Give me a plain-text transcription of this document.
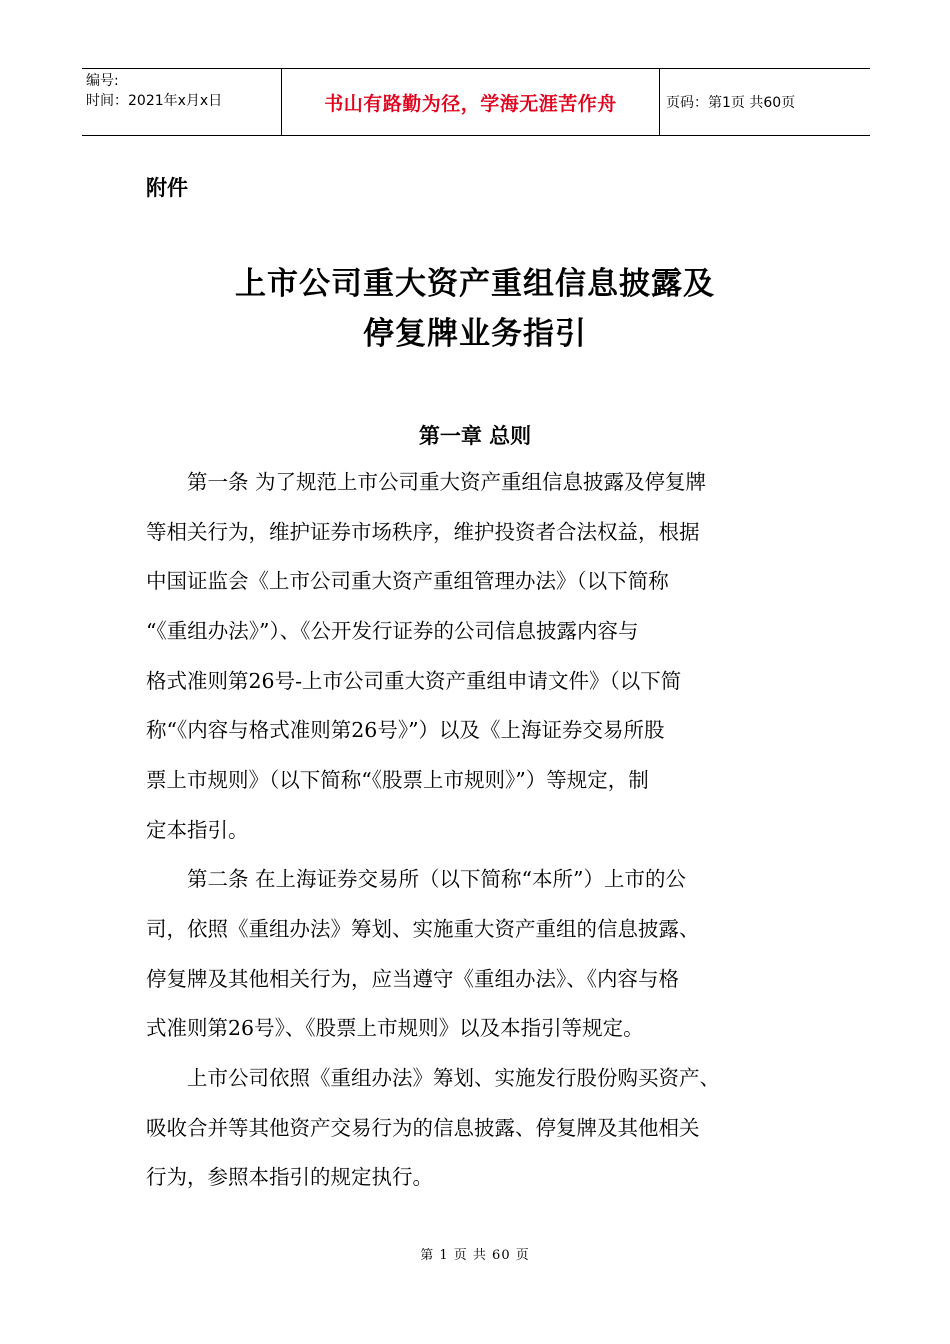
编号:
时间：2021年x月x日	书山有路勤为径，学海无涯苦作舟	页码：第1页 共60页
附件
上市公司重大资产重组信息披露及
停复牌业务指引
第一章 总则
　　第一条 为了规范上市公司重大资产重组信息披露及停复牌
等相关行为，维护证券市场秩序，维护投资者合法权益，根据
中国证监会《上市公司重大资产重组管理办法》（以下简称
“《重组办法》”）、《公开发行证券的公司信息披露内容与
格式准则第26号-上市公司重大资产重组申请文件》（以下简
称“《内容与格式准则第26号》”）以及《上海证券交易所股
票上市规则》（以下简称“《股票上市规则》”）等规定，制
定本指引。
　　第二条 在上海证券交易所（以下简称“本所”）上市的公
司，依照《重组办法》筹划、实施重大资产重组的信息披露、
停复牌及其他相关行为，应当遵守《重组办法》、《内容与格
式准则第26号》、《股票上市规则》以及本指引等规定。
　　上市公司依照《重组办法》筹划、实施发行股份购买资产、
吸收合并等其他资产交易行为的信息披露、停复牌及其他相关
行为，参照本指引的规定执行。
第 1 页 共 60 页
